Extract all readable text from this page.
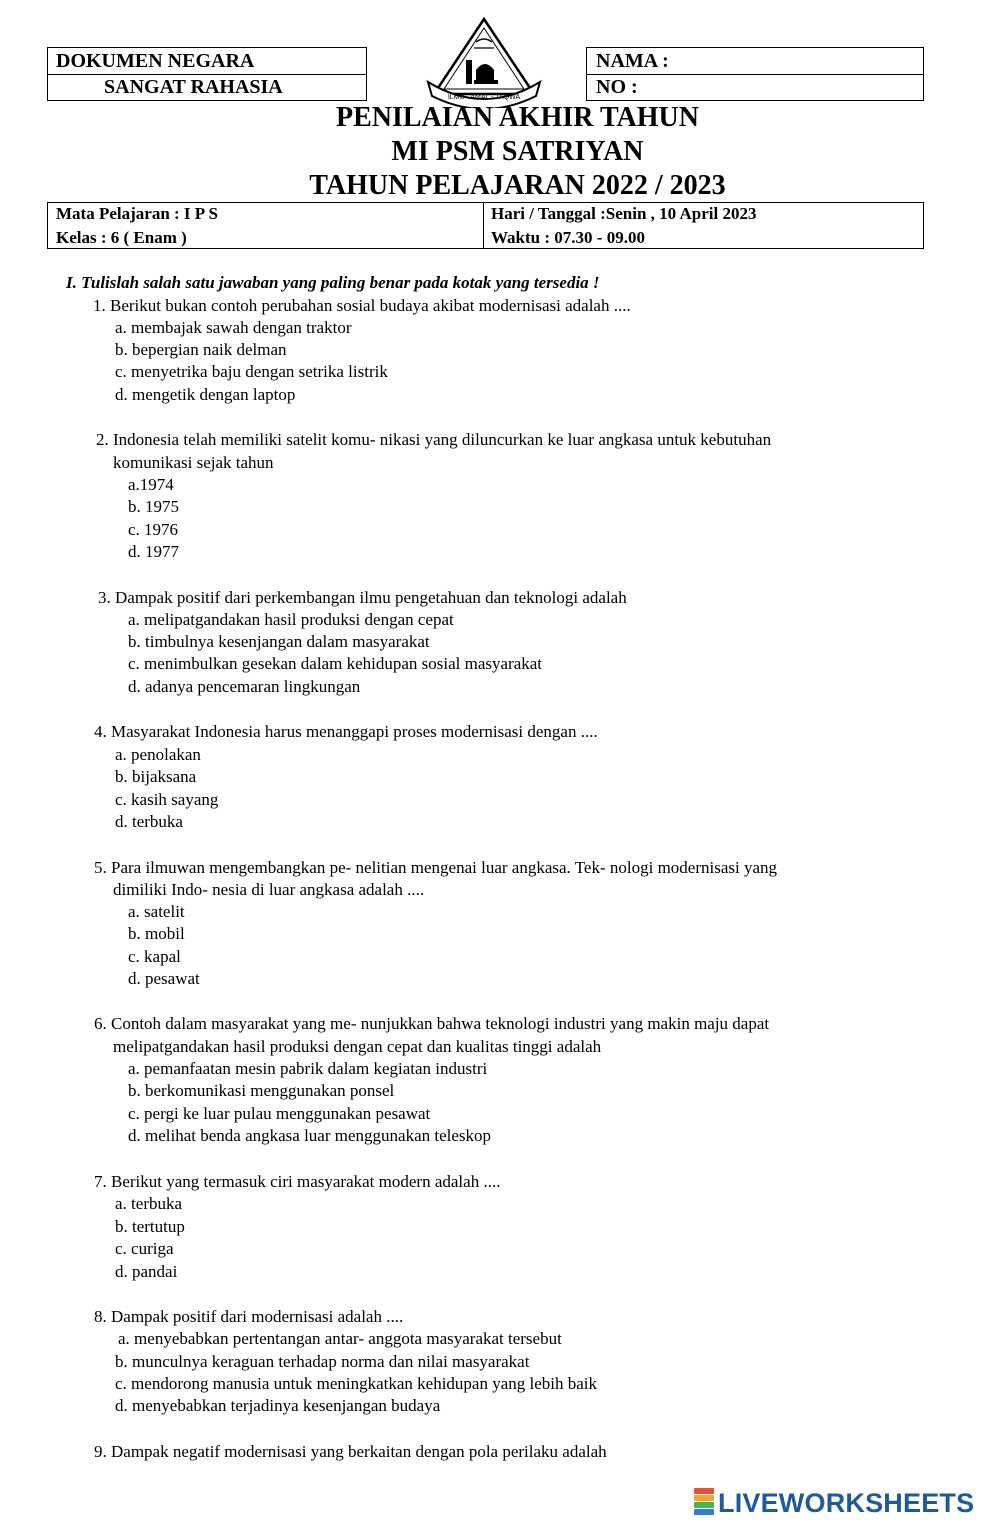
DOKUMEN NEGARA
SANGAT RAHASIA	ILMU - AMAL - TAQWA
NAMA :
NO :
PENILAIAN AKHIR TAHUN
MI PSM SATRIYAN
TAHUN PELAJARAN 2022 / 2023
Mata Pelajaran : I P S
Kelas : 6 ( Enam )
Hari / Tanggal :Senin , 10 April 2023
Waktu : 07.30 - 09.00
I. Tulislah salah satu jawaban yang paling benar pada kotak yang tersedia !
1. Berikut bukan contoh perubahan sosial budaya akibat modernisasi adalah ....
a. membajak sawah dengan traktor
b. bepergian naik delman
c. menyetrika baju dengan setrika listrik
d. mengetik dengan laptop
2. Indonesia telah memiliki satelit komu- nikasi yang diluncurkan ke luar angkasa untuk kebutuhan
komunikasi sejak tahun
a.1974
b. 1975
c. 1976
d. 1977
3. Dampak positif dari perkembangan ilmu pengetahuan dan teknologi adalah
a. melipatgandakan hasil produksi dengan cepat
b. timbulnya kesenjangan dalam masyarakat
c. menimbulkan gesekan dalam kehidupan sosial masyarakat
d. adanya pencemaran lingkungan
4. Masyarakat Indonesia harus menanggapi proses modernisasi dengan ....
a. penolakan
b. bijaksana
c. kasih sayang
d. terbuka
5. Para ilmuwan mengembangkan pe- nelitian mengenai luar angkasa. Tek- nologi modernisasi yang
dimiliki Indo- nesia di luar angkasa adalah ....
a. satelit
b. mobil
c. kapal
d. pesawat
6. Contoh dalam masyarakat yang me- nunjukkan bahwa teknologi industri yang makin maju dapat
melipatgandakan hasil produksi dengan cepat dan kualitas tinggi adalah
a. pemanfaatan mesin pabrik dalam kegiatan industri
b. berkomunikasi menggunakan ponsel
c. pergi ke luar pulau menggunakan pesawat
d. melihat benda angkasa luar menggunakan teleskop
7. Berikut yang termasuk ciri masyarakat modern adalah ....
a. terbuka
b. tertutup
c. curiga
d. pandai
8. Dampak positif dari modernisasi adalah ....
a. menyebabkan pertentangan antar- anggota masyarakat tersebut
b. munculnya keraguan terhadap norma dan nilai masyarakat
c. mendorong manusia untuk meningkatkan kehidupan yang lebih baik
d. menyebabkan terjadinya kesenjangan budaya
9. Dampak negatif modernisasi yang berkaitan dengan pola perilaku adalah
LIVEWORKSHEETS
